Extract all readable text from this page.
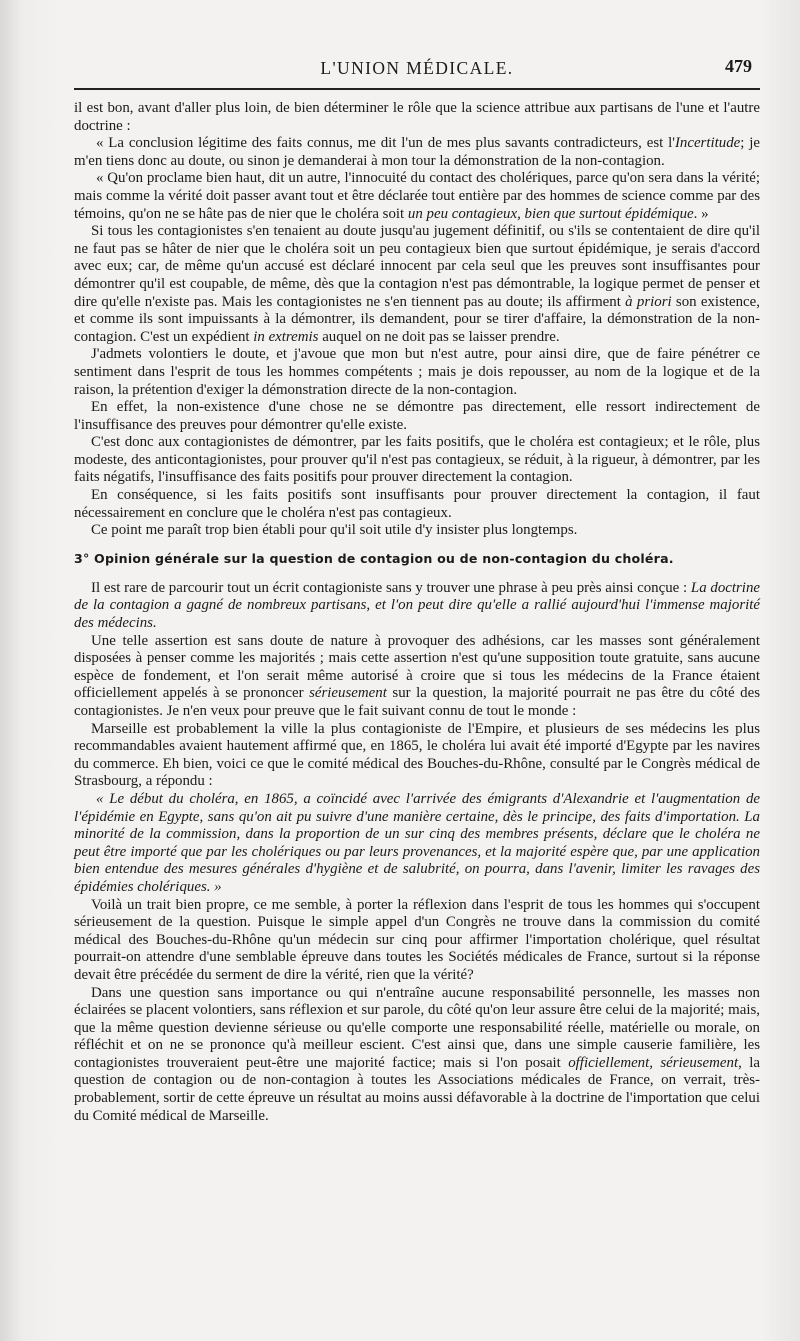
L'UNION MÉDICALE.	479

il est bon, avant d'aller plus loin, de bien déterminer le rôle que la science attribue aux partisans de l'une et l'autre doctrine :

« La conclusion légitime des faits connus, me dit l'un de mes plus savants contradicteurs, est l'Incertitude; je m'en tiens donc au doute, ou sinon je demanderai à mon tour la démonstration de la non-contagion.

« Qu'on proclame bien haut, dit un autre, l'innocuité du contact des cholériques, parce qu'on sera dans la vérité; mais comme la vérité doit passer avant tout et être déclarée tout entière par des hommes de science comme par des témoins, qu'on ne se hâte pas de nier que le choléra soit un peu contagieux, bien que surtout épidémique. »

Si tous les contagionistes s'en tenaient au doute jusqu'au jugement définitif, ou s'ils se contentaient de dire qu'il ne faut pas se hâter de nier que le choléra soit un peu contagieux bien que surtout épidémique, je serais d'accord avec eux; car, de même qu'un accusé est déclaré innocent par cela seul que les preuves sont insuffisantes pour démontrer qu'il est coupable, de même, dès que la contagion n'est pas démontrable, la logique permet de penser et dire qu'elle n'existe pas. Mais les contagionistes ne s'en tiennent pas au doute; ils affirment à priori son existence, et comme ils sont impuissants à la démontrer, ils demandent, pour se tirer d'affaire, la démonstration de la non-contagion. C'est un expédient in extremis auquel on ne doit pas se laisser prendre.

J'admets volontiers le doute, et j'avoue que mon but n'est autre, pour ainsi dire, que de faire pénétrer ce sentiment dans l'esprit de tous les hommes compétents ; mais je dois repousser, au nom de la logique et de la raison, la prétention d'exiger la démonstration directe de la non-contagion.

En effet, la non-existence d'une chose ne se démontre pas directement, elle ressort indirectement de l'insuffisance des preuves pour démontrer qu'elle existe.

C'est donc aux contagionistes de démontrer, par les faits positifs, que le choléra est contagieux; et le rôle, plus modeste, des anticontagionistes, pour prouver qu'il n'est pas contagieux, se réduit, à la rigueur, à démontrer, par les faits négatifs, l'insuffisance des faits positifs pour prouver directement la contagion.

En conséquence, si les faits positifs sont insuffisants pour prouver directement la contagion, il faut nécessairement en conclure que le choléra n'est pas contagieux.

Ce point me paraît trop bien établi pour qu'il soit utile d'y insister plus longtemps.

3° Opinion générale sur la question de contagion ou de non-contagion du choléra.

Il est rare de parcourir tout un écrit contagioniste sans y trouver une phrase à peu près ainsi conçue : La doctrine de la contagion a gagné de nombreux partisans, et l'on peut dire qu'elle a rallié aujourd'hui l'immense majorité des médecins.

Une telle assertion est sans doute de nature à provoquer des adhésions, car les masses sont généralement disposées à penser comme les majorités ; mais cette assertion n'est qu'une supposition toute gratuite, sans aucune espèce de fondement, et l'on serait même autorisé à croire que si tous les médecins de la France étaient officiellement appelés à se prononcer sérieusement sur la question, la majorité pourrait ne pas être du côté des contagionistes. Je n'en veux pour preuve que le fait suivant connu de tout le monde :

Marseille est probablement la ville la plus contagioniste de l'Empire, et plusieurs de ses médecins les plus recommandables avaient hautement affirmé que, en 1865, le choléra lui avait été importé d'Egypte par les navires du commerce. Eh bien, voici ce que le comité médical des Bouches-du-Rhône, consulté par le Congrès médical de Strasbourg, a répondu :

« Le début du choléra, en 1865, a coïncidé avec l'arrivée des émigrants d'Alexandrie et l'augmentation de l'épidémie en Egypte, sans qu'on ait pu suivre d'une manière certaine, dès le principe, des faits d'importation. La minorité de la commission, dans la proportion de un sur cinq des membres présents, déclare que le choléra ne peut être importé que par les cholériques ou par leurs provenances, et la majorité espère que, par une application bien entendue des mesures générales d'hygiène et de salubrité, on pourra, dans l'avenir, limiter les ravages des épidémies cholériques. »

Voilà un trait bien propre, ce me semble, à porter la réflexion dans l'esprit de tous les hommes qui s'occupent sérieusement de la question. Puisque le simple appel d'un Congrès ne trouve dans la commission du comité médical des Bouches-du-Rhône qu'un médecin sur cinq pour affirmer l'importation cholérique, quel résultat pourrait-on attendre d'une semblable épreuve dans toutes les Sociétés médicales de France, surtout si la réponse devait être précédée du serment de dire la vérité, rien que la vérité?

Dans une question sans importance ou qui n'entraîne aucune responsabilité personnelle, les masses non éclairées se placent volontiers, sans réflexion et sur parole, du côté qu'on leur assure être celui de la majorité; mais, que la même question devienne sérieuse ou qu'elle comporte une responsabilité réelle, matérielle ou morale, on réfléchit et on ne se prononce qu'à meilleur escient. C'est ainsi que, dans une simple causerie familière, les contagionistes trouveraient peut-être une majorité factice; mais si l'on posait officiellement, sérieusement, la question de contagion ou de non-contagion à toutes les Associations médicales de France, on verrait, très-probablement, sortir de cette épreuve un résultat au moins aussi défavorable à la doctrine de l'importation que celui du Comité médical de Marseille.
